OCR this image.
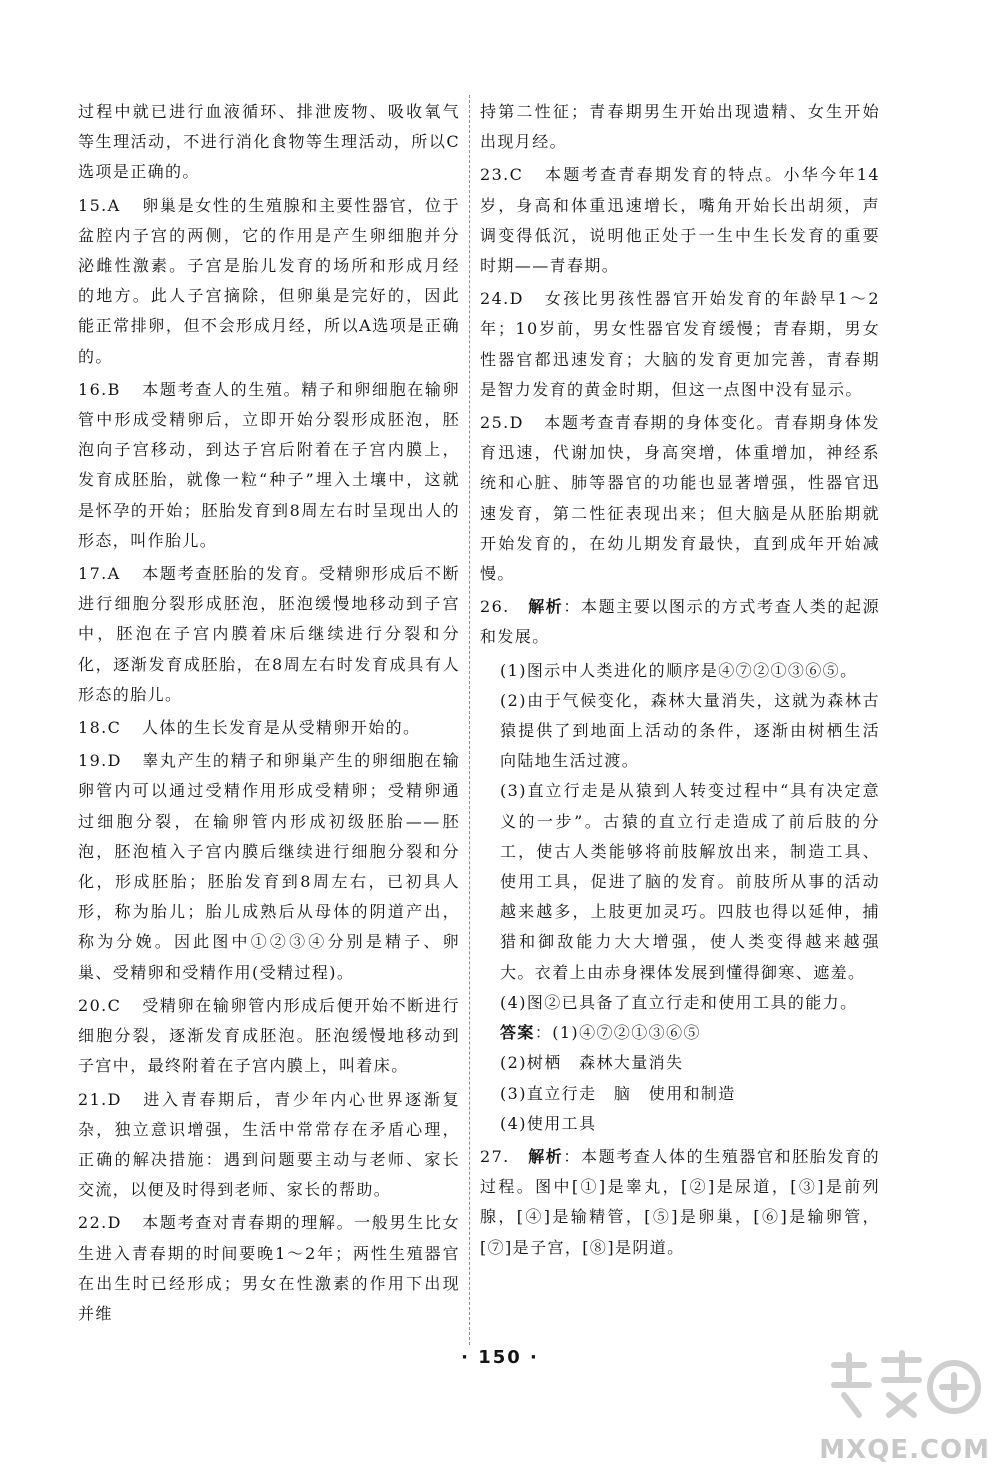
过程中就已进行血液循环、排泄废物、吸收氧气等生理活动，不进行消化食物等生理活动，所以C选项是正确的。

15.A 卵巢是女性的生殖腺和主要性器官，位于盆腔内子宫的两侧，它的作用是产生卵细胞并分泌雌性激素。子宫是胎儿发育的场所和形成月经的地方。此人子宫摘除，但卵巢是完好的，因此能正常排卵，但不会形成月经，所以A选项是正确的。

16.B 本题考查人的生殖。精子和卵细胞在输卵管中形成受精卵后，立即开始分裂形成胚泡，胚泡向子宫移动，到达子宫后附着在子宫内膜上，发育成胚胎，就像一粒“种子”埋入土壤中，这就是怀孕的开始；胚胎发育到8周左右时呈现出人的形态，叫作胎儿。

17.A 本题考查胚胎的发育。受精卵形成后不断进行细胞分裂形成胚泡，胚泡缓慢地移动到子宫中，胚泡在子宫内膜着床后继续进行分裂和分化，逐渐发育成胚胎，在8周左右时发育成具有人形态的胎儿。

18.C 人体的生长发育是从受精卵开始的。

19.D 睾丸产生的精子和卵巢产生的卵细胞在输卵管内可以通过受精作用形成受精卵；受精卵通过细胞分裂，在输卵管内形成初级胚胎——胚泡，胚泡植入子宫内膜后继续进行细胞分裂和分化，形成胚胎；胚胎发育到8周左右，已初具人形，称为胎儿；胎儿成熟后从母体的阴道产出，称为分娩。因此图中①②③④分别是精子、卵巢、受精卵和受精作用(受精过程)。

20.C 受精卵在输卵管内形成后便开始不断进行细胞分裂，逐渐发育成胚泡。胚泡缓慢地移动到子宫中，最终附着在子宫内膜上，叫着床。

21.D 进入青春期后，青少年内心世界逐渐复杂，独立意识增强，生活中常常存在矛盾心理，正确的解决措施：遇到问题要主动与老师、家长交流，以便及时得到老师、家长的帮助。

22.D 本题考查对青春期的理解。一般男生比女生进入青春期的时间要晚1～2年；两性生殖器官在出生时已经形成；男女在性激素的作用下出现并维

持第二性征；青春期男生开始出现遗精、女生开始出现月经。

23.C 本题考查青春期发育的特点。小华今年14岁，身高和体重迅速增长，嘴角开始长出胡须，声调变得低沉，说明他正处于一生中生长发育的重要时期——青春期。

24.D 女孩比男孩性器官开始发育的年龄早1～2年；10岁前，男女性器官发育缓慢；青春期，男女性器官都迅速发育；大脑的发育更加完善，青春期是智力发育的黄金时期，但这一点图中没有显示。

25.D 本题考查青春期的身体变化。青春期身体发育迅速，代谢加快，身高突增，体重增加，神经系统和心脏、肺等器官的功能也显著增强，性器官迅速发育，第二性征表现出来；但大脑是从胚胎期就开始发育的，在幼儿期发育最快，直到成年开始减慢。

26. 解析：本题主要以图示的方式考查人类的起源和发展。

(1)图示中人类进化的顺序是④⑦②①③⑥⑤。

(2)由于气候变化，森林大量消失，这就为森林古猿提供了到地面上活动的条件，逐渐由树栖生活向陆地生活过渡。

(3)直立行走是从猿到人转变过程中“具有决定意义的一步”。古猿的直立行走造成了前后肢的分工，使古人类能够将前肢解放出来，制造工具、使用工具，促进了脑的发育。前肢所从事的活动越来越多，上肢更加灵巧。四肢也得以延伸，捕猎和御敌能力大大增强，使人类变得越来越强大。衣着上由赤身裸体发展到懂得御寒、遮羞。

(4)图②已具备了直立行走和使用工具的能力。

答案：(1)④⑦②①③⑥⑤

(2)树栖　森林大量消失

(3)直立行走　脑　使用和制造

(4)使用工具

27. 解析：本题考查人体的生殖器官和胚胎发育的过程。图中[①]是睾丸，[②]是尿道，[③]是前列腺，[④]是输精管，[⑤]是卵巢，[⑥]是输卵管，[⑦]是子宫，[⑧]是阴道。
· 150 ·
MXQE.COM
